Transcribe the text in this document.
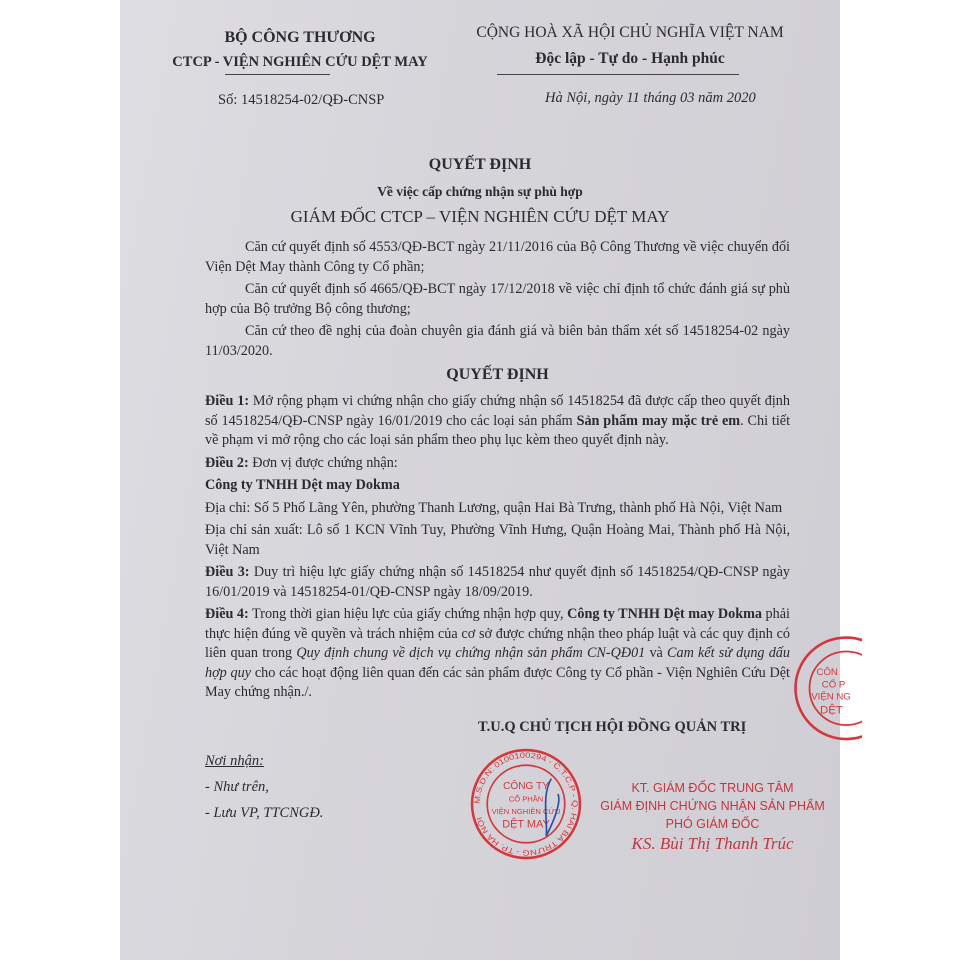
BỘ CÔNG THƯƠNG
CTCP - VIỆN NGHIÊN CỨU DỆT MAY
Số: 14518254-02/QĐ-CNSP
CỘNG HOÀ XÃ HỘI CHỦ NGHĨA VIỆT NAM
Độc lập - Tự do - Hạnh phúc
Hà Nội, ngày 11 tháng 03 năm 2020
QUYẾT ĐỊNH
Về việc cấp chứng nhận sự phù hợp
GIÁM ĐỐC CTCP – VIỆN NGHIÊN CỨU DỆT MAY
Căn cứ quyết định số 4553/QĐ-BCT ngày 21/11/2016 của Bộ Công Thương về việc chuyển đổi Viện Dệt May thành Công ty Cổ phần;
Căn cứ quyết định số 4665/QĐ-BCT ngày 17/12/2018 về việc chỉ định tổ chức đánh giá sự phù hợp của Bộ trưởng Bộ công thương;
Căn cứ theo đề nghị của đoàn chuyên gia đánh giá và biên bản thẩm xét số 14518254-02 ngày 11/03/2020.
QUYẾT ĐỊNH
Điều 1: Mở rộng phạm vi chứng nhận cho giấy chứng nhận số 14518254 đã được cấp theo quyết định số 14518254/QĐ-CNSP ngày 16/01/2019 cho các loại sản phẩm Sản phẩm may mặc trẻ em. Chi tiết về phạm vi mở rộng cho các loại sản phẩm theo phụ lục kèm theo quyết định này.
Điều 2: Đơn vị được chứng nhận:
Công ty TNHH Dệt may Dokma
Địa chỉ: Số 5 Phố Lãng Yên, phường Thanh Lương, quận Hai Bà Trưng, thành phố Hà Nội, Việt Nam
Địa chỉ sản xuất: Lô số 1 KCN Vĩnh Tuy, Phường Vĩnh Hưng, Quận Hoàng Mai, Thành phố Hà Nội, Việt Nam
Điều 3: Duy trì hiệu lực giấy chứng nhận số 14518254 như quyết định số 14518254/QĐ-CNSP ngày 16/01/2019 và 14518254-01/QĐ-CNSP ngày 18/09/2019.
Điều 4: Trong thời gian hiệu lực của giấy chứng nhận hợp quy, Công ty TNHH Dệt may Dokma phải thực hiện đúng về quyền và trách nhiệm của cơ sở được chứng nhận theo pháp luật và các quy định có liên quan trong Quy định chung về dịch vụ chứng nhận sản phẩm CN-QĐ01 và Cam kết sử dụng dấu hợp quy cho các hoạt động liên quan đến các sản phẩm được Công ty Cổ phần - Viện Nghiên Cứu Dệt May chứng nhận./.
T.U.Q CHỦ TỊCH HỘI ĐỒNG QUẢN TRỊ
Nơi nhận:
- Như trên,
- Lưu VP, TTCNGĐ.
M.S.D.N: 0100100294 - C.T.C.P - Q. HAI BÀ TRƯNG - TP. HÀ NỘI
CÔNG TY
CỔ PHẦN
VIỆN NGHIÊN CỨU
DỆT MAY
KT. GIÁM ĐỐC TRUNG TÂM
GIÁM ĐỊNH CHỨNG NHẬN SẢN PHẨM
PHÓ GIÁM ĐỐC
KS. Bùi Thị Thanh Trúc
CÔN
CỔ P
VIỆN NG
DỆT
